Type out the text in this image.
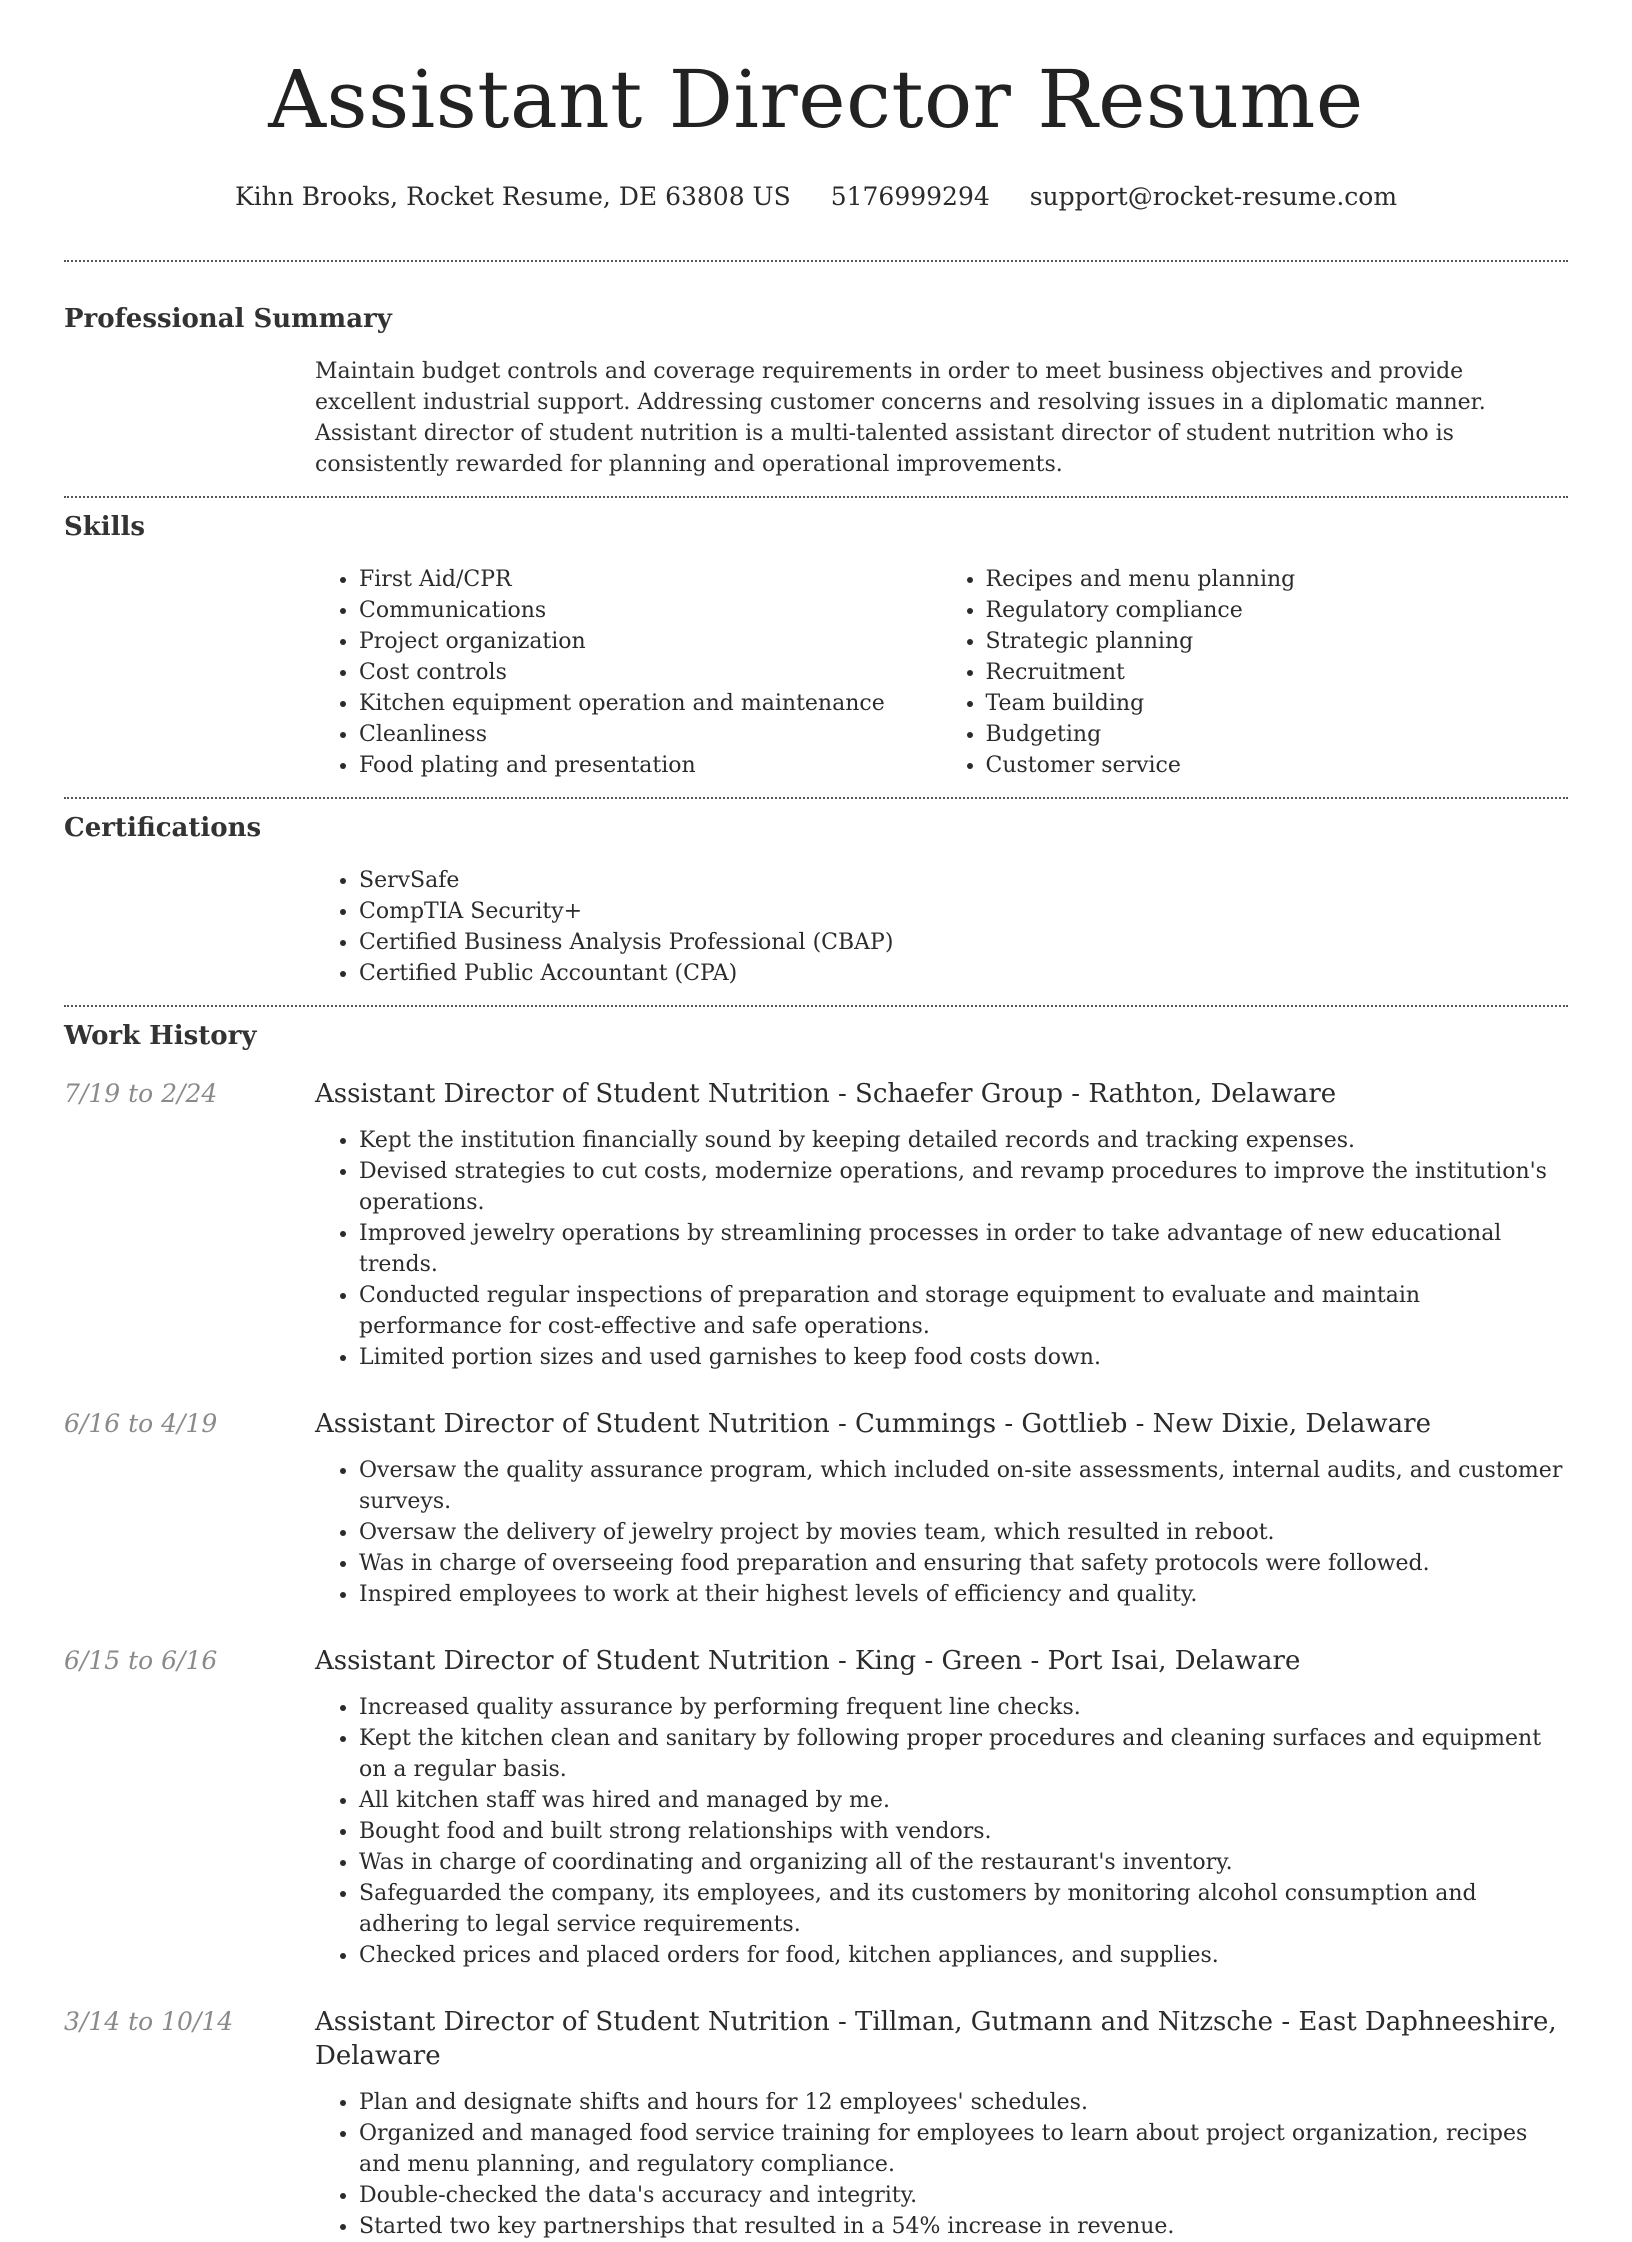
Assistant Director Resume
Kihn Brooks, Rocket Resume, DE 63808 US 5176999294 support@rocket-resume.com
Professional Summary
Maintain budget controls and coverage requirements in order to meet business objectives and provide excellent industrial support. Addressing customer concerns and resolving issues in a diplomatic manner. Assistant director of student nutrition is a multi-talented assistant director of student nutrition who is consistently rewarded for planning and operational improvements.
Skills
• First Aid/CPR
• Communications
• Project organization
• Cost controls
• Kitchen equipment operation and maintenance
• Cleanliness
• Food plating and presentation
• Recipes and menu planning
• Regulatory compliance
• Strategic planning
• Recruitment
• Team building
• Budgeting
• Customer service
Certifications
• ServSafe
• CompTIA Security+
• Certified Business Analysis Professional (CBAP)
• Certified Public Accountant (CPA)
Work History
7/19 to 2/24	Assistant Director of Student Nutrition - Schaefer Group - Rathton, Delaware
• Kept the institution financially sound by keeping detailed records and tracking expenses.
• Devised strategies to cut costs, modernize operations, and revamp procedures to improve the institution's operations.
• Improved jewelry operations by streamlining processes in order to take advantage of new educational trends.
• Conducted regular inspections of preparation and storage equipment to evaluate and maintain performance for cost-effective and safe operations.
• Limited portion sizes and used garnishes to keep food costs down.
6/16 to 4/19	Assistant Director of Student Nutrition - Cummings - Gottlieb - New Dixie, Delaware
• Oversaw the quality assurance program, which included on-site assessments, internal audits, and customer surveys.
• Oversaw the delivery of jewelry project by movies team, which resulted in reboot.
• Was in charge of overseeing food preparation and ensuring that safety protocols were followed.
• Inspired employees to work at their highest levels of efficiency and quality.
6/15 to 6/16	Assistant Director of Student Nutrition - King - Green - Port Isai, Delaware
• Increased quality assurance by performing frequent line checks.
• Kept the kitchen clean and sanitary by following proper procedures and cleaning surfaces and equipment on a regular basis.
• All kitchen staff was hired and managed by me.
• Bought food and built strong relationships with vendors.
• Was in charge of coordinating and organizing all of the restaurant's inventory.
• Safeguarded the company, its employees, and its customers by monitoring alcohol consumption and adhering to legal service requirements.
• Checked prices and placed orders for food, kitchen appliances, and supplies.
3/14 to 10/14	Assistant Director of Student Nutrition - Tillman, Gutmann and Nitzsche - East Daphneeshire, Delaware
• Plan and designate shifts and hours for 12 employees' schedules.
• Organized and managed food service training for employees to learn about project organization, recipes and menu planning, and regulatory compliance.
• Double-checked the data's accuracy and integrity.
• Started two key partnerships that resulted in a 54% increase in revenue.
